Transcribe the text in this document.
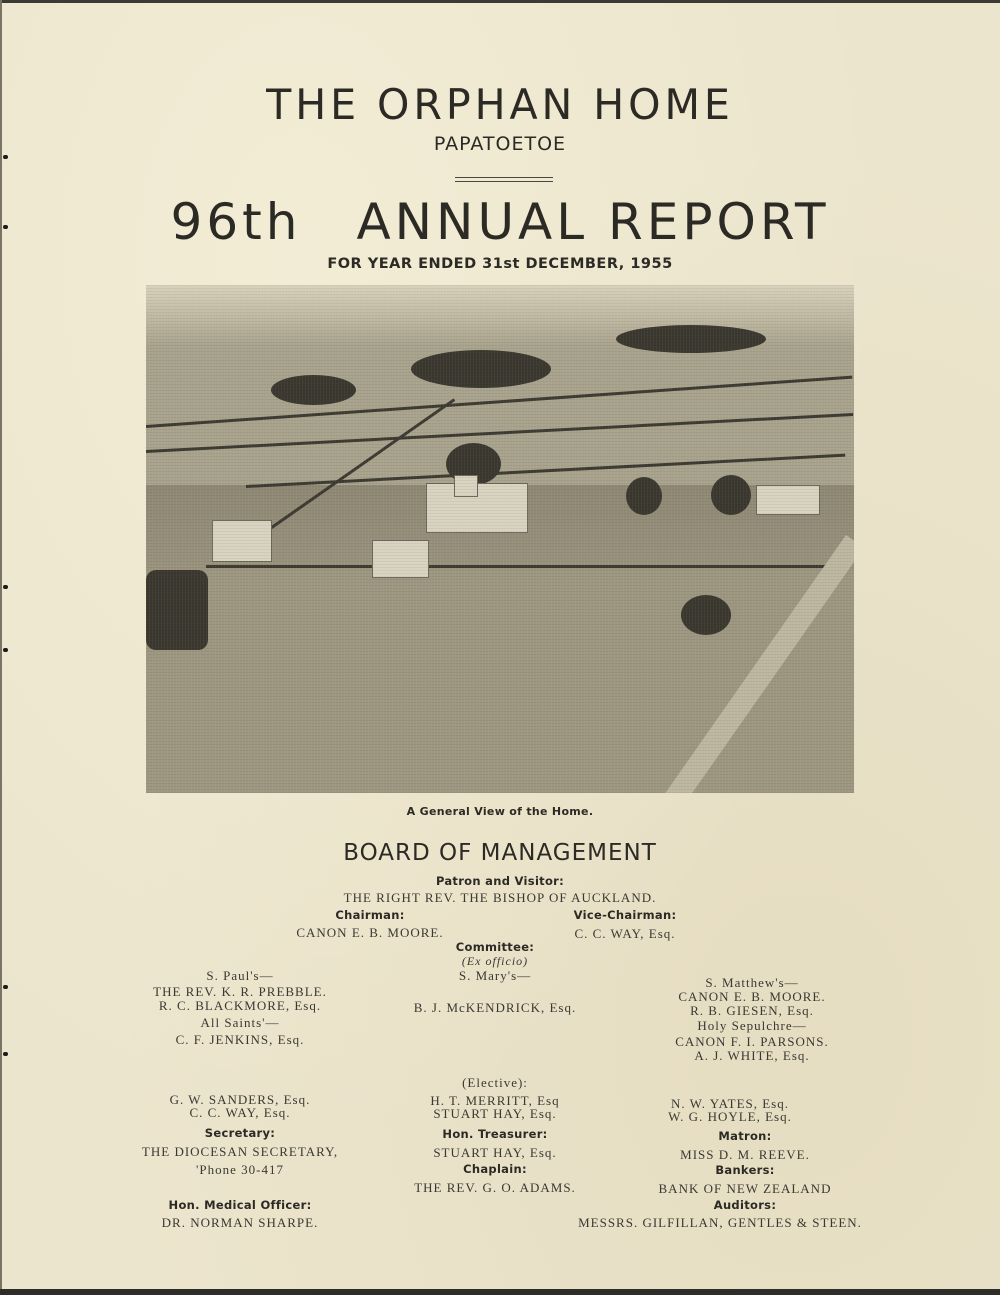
THE ORPHAN HOME
PAPATOETOE
96th ANNUAL REPORT
FOR YEAR ENDED 31st DECEMBER, 1955
A General View of the Home.
BOARD OF MANAGEMENT
Patron and Visitor:
THE RIGHT REV. THE BISHOP OF AUCKLAND.
Chairman:
CANON E. B. MOORE.
Vice-Chairman:
C. C. WAY, Esq.
Committee:
(Ex officio)
S. Paul's—
THE REV. K. R. PREBBLE.
R. C. BLACKMORE, Esq.
All Saints'—
C. F. JENKINS, Esq.
S. Mary's—
B. J. McKENDRICK, Esq.
S. Matthew's—
CANON E. B. MOORE.
R. B. GIESEN, Esq.
Holy Sepulchre—
CANON F. I. PARSONS.
A. J. WHITE, Esq.
(Elective):
G. W. SANDERS, Esq.
C. C. WAY, Esq.
H. T. MERRITT, Esq
STUART HAY, Esq.
N. W. YATES, Esq.
W. G. HOYLE, Esq.
Secretary:
THE DIOCESAN SECRETARY,
'Phone 30-417
Hon. Treasurer:
STUART HAY, Esq.
Matron:
MISS D. M. REEVE.
Chaplain:
THE REV. G. O. ADAMS.
Bankers:
BANK OF NEW ZEALAND
Hon. Medical Officer:
DR. NORMAN SHARPE.
Auditors:
MESSRS. GILFILLAN, GENTLES & STEEN.
